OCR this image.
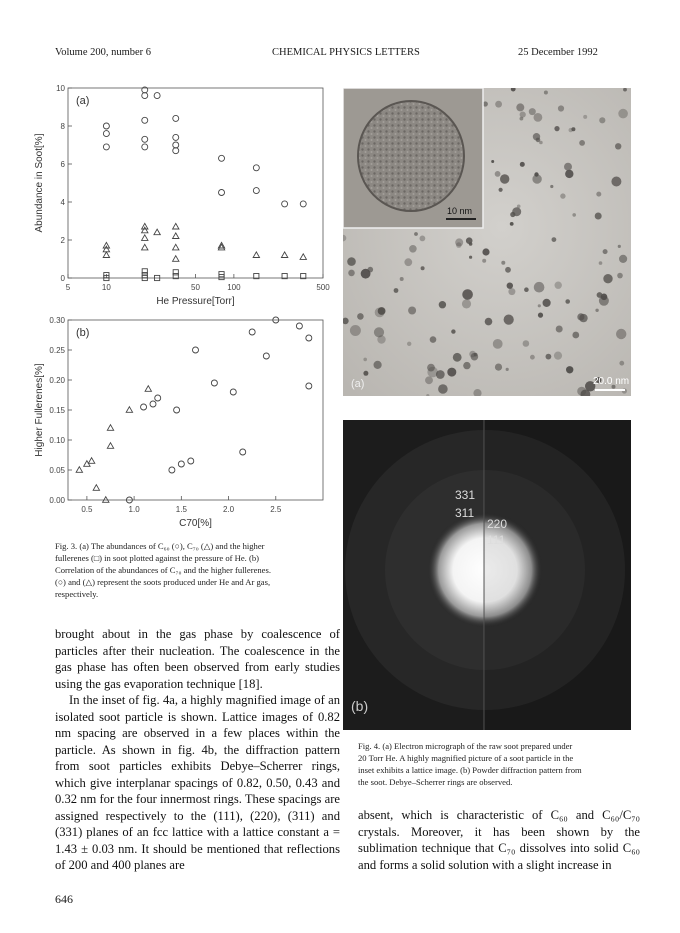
Volume 200, number 6	CHEMICAL PHYSICS LETTERS	25 December 1992
5	10	50	100	500
0
2
4
6
8
10
(a)
He Pressure[Torr]
Abundance in Soot[%]
0.5	1.0	1.5	2.0	2.5
0.00
0.05
0.10
0.15
0.20
0.25
0.30
(b)
C70[%]
Higher Fullerenes[%]
Fig. 3. (a) The abundances of C₆₀ (○), C₇₀ (△) and the higher
fullerenes (□) in soot plotted against the pressure of He. (b)
Correlation of the abundances of C₇₀ and the higher fullerenes.
(○) and (△) represent the soots produced under He and Ar gas,
respectively.
10 nm
20.0 nm
(a)
331
311
220
111
(b)
Fig. 4. (a) Electron micrograph of the raw soot prepared under
20 Torr He. A highly magnified picture of a soot particle in the
inset exhibits a lattice image. (b) Powder diffraction pattern from
the soot. Debye–Scherrer rings are observed.

brought about in the gas phase by coalescence of particles after their nucleation. The coalescence in the gas phase has often been observed from early studies using the gas evaporation technique [18].

In the inset of fig. 4a, a highly magnified image of an isolated soot particle is shown. Lattice images of 0.82 nm spacing are observed in a few places within the particle. As shown in fig. 4b, the diffraction pattern from soot particles exhibits Debye–Scherrer rings, which give interplanar spacings of 0.82, 0.50, 0.43 and 0.32 nm for the four innermost rings. These spacings are assigned respectively to the (111), (220), (311) and (331) planes of an fcc lattice with a lattice constant a = 1.43 ± 0.03 nm. It should be mentioned that reflections of 200 and 400 planes are

absent, which is characteristic of C₆₀ and C₆₀/C₇₀ crystals. Moreover, it has been shown by the sublimation technique that C₇₀ dissolves into solid C₆₀ and forms a solid solution with a slight increase in

646
